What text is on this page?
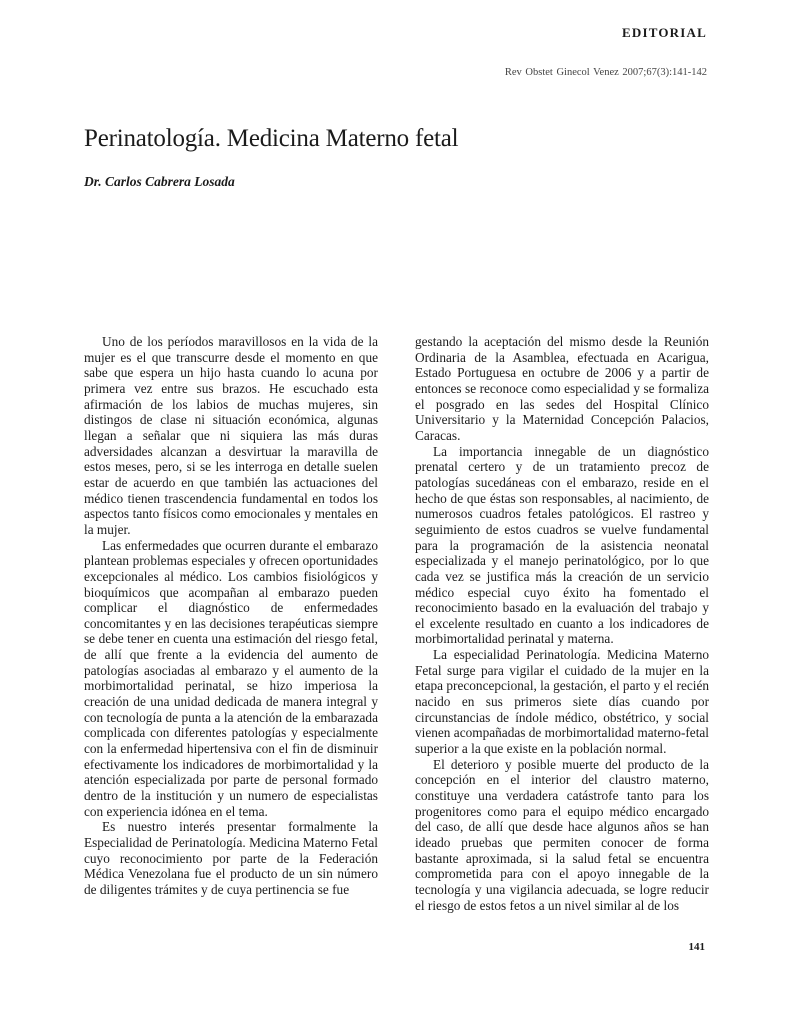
EDITORIAL
Rev Obstet Ginecol Venez 2007;67(3):141-142
Perinatología. Medicina Materno fetal
Dr. Carlos Cabrera Losada

Uno de los períodos maravillosos en la vida de la mujer es el que transcurre desde el momento en que sabe que espera un hijo hasta cuando lo acuna por primera vez entre sus brazos. He escuchado esta afirmación de los labios de muchas mujeres, sin distingos de clase ni situación económica, algunas llegan a señalar que ni siquiera las más duras adversidades alcanzan a desvirtuar la maravilla de estos meses, pero, si se les interroga en detalle suelen estar de acuerdo en que también las actuaciones del médico tienen trascendencia fundamental en todos los aspectos tanto físicos como emocionales y mentales en la mujer.

Las enfermedades que ocurren durante el embarazo plantean problemas especiales y ofrecen oportunidades excepcionales al médico. Los cambios fisiológicos y bioquímicos que acompañan al embarazo pueden complicar el diagnóstico de enfermedades concomitantes y en las decisiones terapéuticas siempre se debe tener en cuenta una estimación del riesgo fetal, de allí que frente a la evidencia del aumento de patologías asociadas al embarazo y el aumento de la morbimortalidad perinatal, se hizo imperiosa la creación de una unidad dedicada de manera integral y con tecnología de punta a la atención de la embarazada complicada con diferentes patologías y especialmente con la enfermedad hipertensiva con el fin de disminuir efectivamente los indicadores de morbimortalidad y la atención especializada por parte de personal formado dentro de la institución y un numero de especialistas con experiencia idónea en el tema.

Es nuestro interés presentar formalmente la Especialidad de Perinatología. Medicina Materno Fetal cuyo reconocimiento por parte de la Federación Médica Venezolana fue el producto de un sin número de diligentes trámites y de cuya pertinencia se fue

gestando la aceptación del mismo desde la Reunión Ordinaria de la Asamblea, efectuada en Acarigua, Estado Portuguesa en octubre de 2006 y a partir de entonces se reconoce como especialidad y se formaliza el posgrado en las sedes del Hospital Clínico Universitario y la Maternidad Concepción Palacios, Caracas.

La importancia innegable de un diagnóstico prenatal certero y de un tratamiento precoz de patologías sucedáneas con el embarazo, reside en el hecho de que éstas son responsables, al nacimiento, de numerosos cuadros fetales patológicos. El rastreo y seguimiento de estos cuadros se vuelve fundamental para la programación de la asistencia neonatal especializada y el manejo perinatológico, por lo que cada vez se justifica más la creación de un servicio médico especial cuyo éxito ha fomentado el reconocimiento basado en la evaluación del trabajo y el excelente resultado en cuanto a los indicadores de morbimortalidad perinatal y materna.

La especialidad Perinatología. Medicina Materno Fetal surge para vigilar el cuidado de la mujer en la etapa preconcepcional, la gestación, el parto y el recién nacido en sus primeros siete días cuando por circunstancias de índole médico, obstétrico, y social vienen acompañadas de morbimortalidad materno-fetal superior a la que existe en la población normal.

El deterioro y posible muerte del producto de la concepción en el interior del claustro materno, constituye una verdadera catástrofe tanto para los progenitores como para el equipo médico encargado del caso, de allí que desde hace algunos años se han ideado pruebas que permiten conocer de forma bastante aproximada, si la salud fetal se encuentra comprometida para con el apoyo innegable de la tecnología y una vigilancia adecuada, se logre reducir el riesgo de estos fetos a un nivel similar al de los

141
